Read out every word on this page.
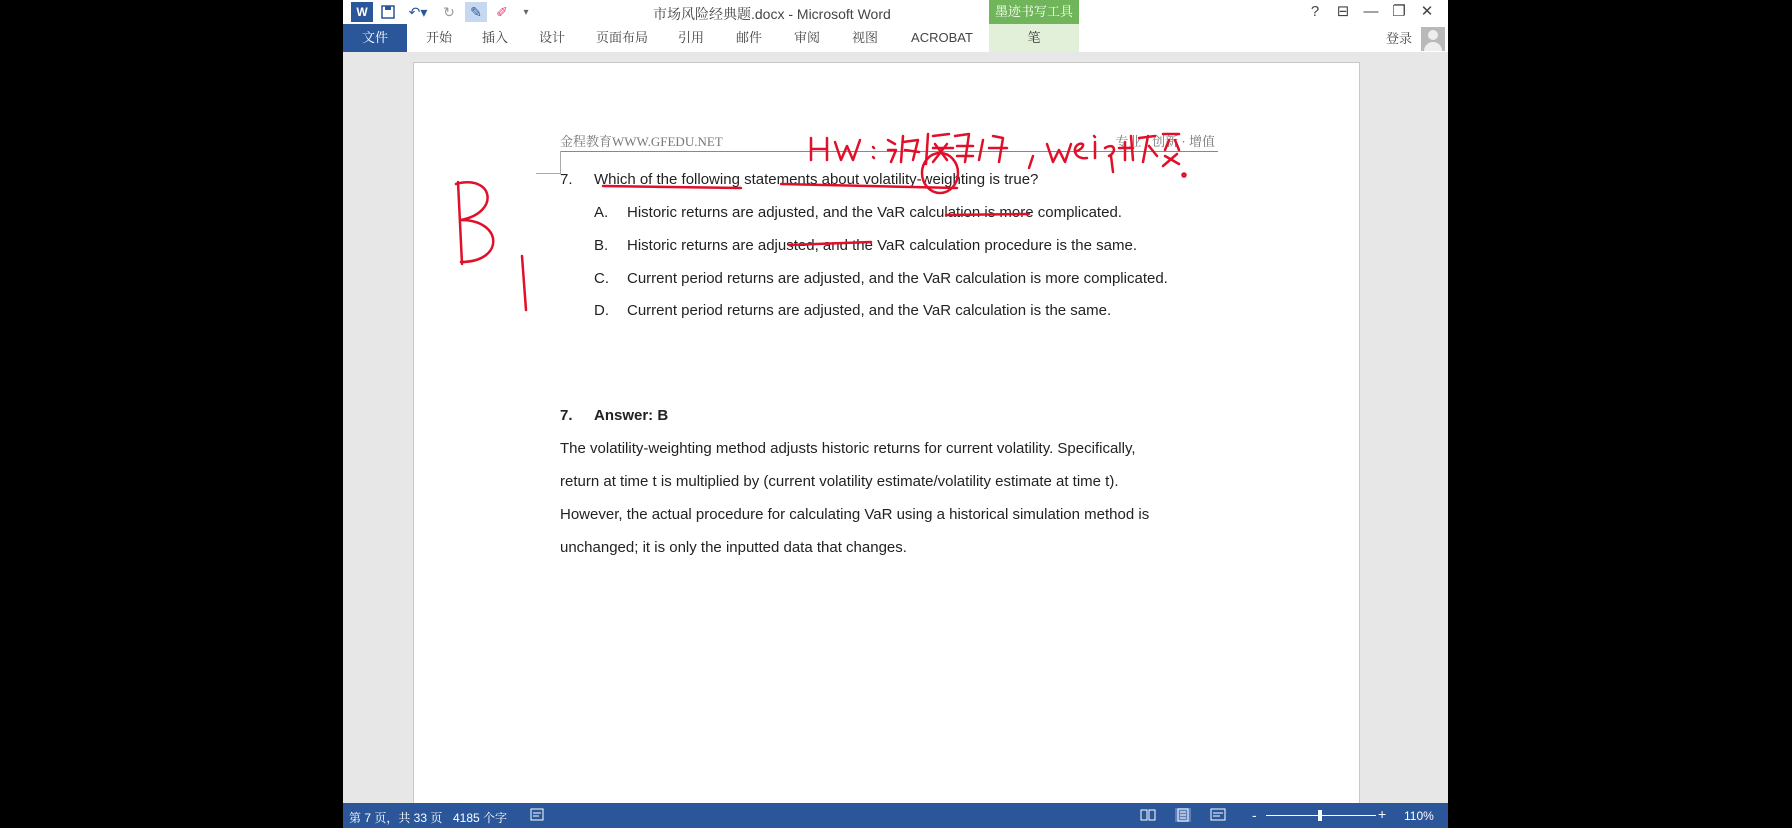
W	↶▾	↻	✎	✐	▾	市场风险经典题.docx - Microsoft Word	墨迹书写工具	?	⊟ — ❐ ✕
文件	开始	插入	设计	页面布局	引用	邮件	审阅	视图	ACROBAT	笔	登录
金程教育WWW.GFEDU.NET	专业 · 创新 · 增值
7. Which of the following statements about volatility-weighting is true?
A. Historic returns are adjusted, and the VaR calculation is more complicated.
B. Historic returns are adjusted, and the VaR calculation procedure is the same.
C. Current period returns are adjusted, and the VaR calculation is more complicated.
D. Current period returns are adjusted, and the VaR calculation is the same.
7. Answer: B
The volatility-weighting method adjusts historic returns for current volatility. Specifically,
return at time t is multiplied by (current volatility estimate/volatility estimate at time t).
However, the actual procedure for calculating VaR using a historical simulation method is
unchanged; it is only the inputted data that changes.
第 7 页，共 33 页 4185 个字	-	+ 110%
